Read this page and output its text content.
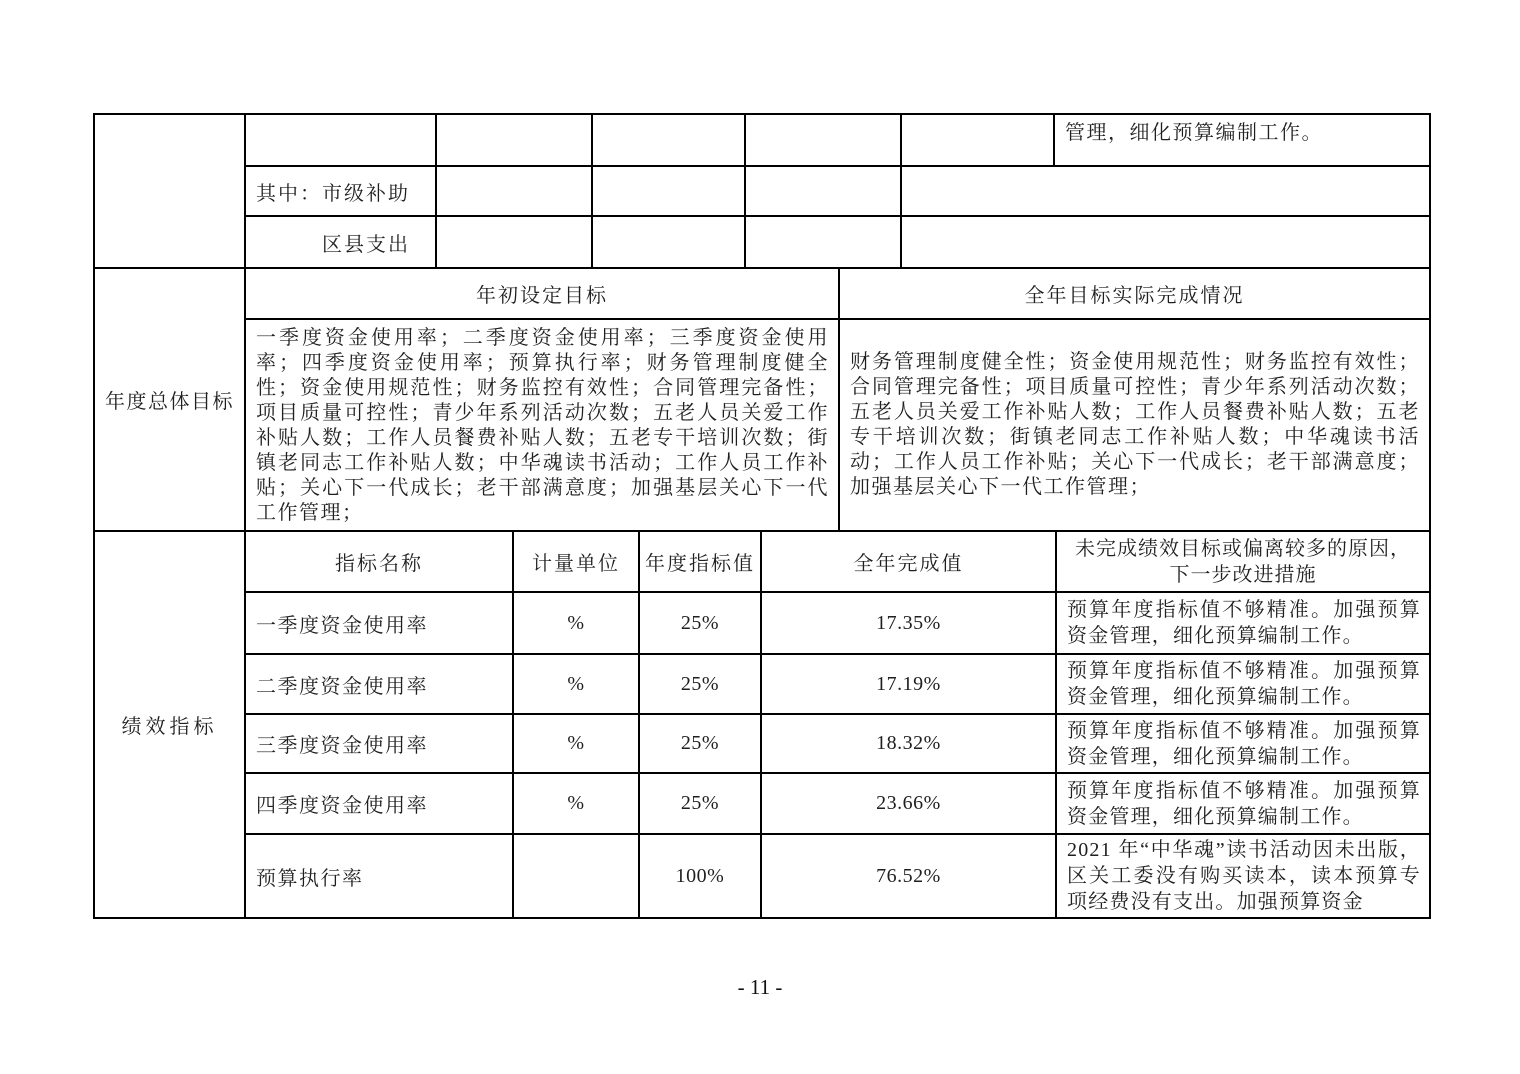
						管理，细化预算编制工作。
	其中：市级补助					
	区县支出					
年度总体目标	年初设定目标	全年目标实际完成情况
	一季度资金使用率；二季度资金使用率；三季度资金使用率；四季度资金使用率；预算执行率；财务管理制度健全性；资金使用规范性；财务监控有效性；合同管理完备性；项目质量可控性；青少年系列活动次数；五老人员关爱工作补贴人数；工作人员餐费补贴人数；五老专干培训次数；街镇老同志工作补贴人数；中华魂读书活动；工作人员工作补贴；关心下一代成长；老干部满意度；加强基层关心下一代工作管理；	财务管理制度健全性；资金使用规范性；财务监控有效性；合同管理完备性；项目质量可控性；青少年系列活动次数；五老人员关爱工作补贴人数；工作人员餐费补贴人数；五老专干培训次数；街镇老同志工作补贴人数；中华魂读书活动；工作人员工作补贴；关心下一代成长；老干部满意度；加强基层关心下一代工作管理；
绩效指标	指标名称	计量单位	年度指标值	全年完成值	未完成绩效目标或偏离较多的原因，下一步改进措施
	一季度资金使用率	%	25%	17.35%	预算年度指标值不够精准。加强预算资金管理，细化预算编制工作。
	二季度资金使用率	%	25%	17.19%	预算年度指标值不够精准。加强预算资金管理，细化预算编制工作。
	三季度资金使用率	%	25%	18.32%	预算年度指标值不够精准。加强预算资金管理，细化预算编制工作。
	四季度资金使用率	%	25%	23.66%	预算年度指标值不够精准。加强预算资金管理，细化预算编制工作。
	预算执行率		100%	76.52%	2021 年“中华魂”读书活动因未出版，区关工委没有购买读本，读本预算专项经费没有支出。加强预算资金
- 11 -
